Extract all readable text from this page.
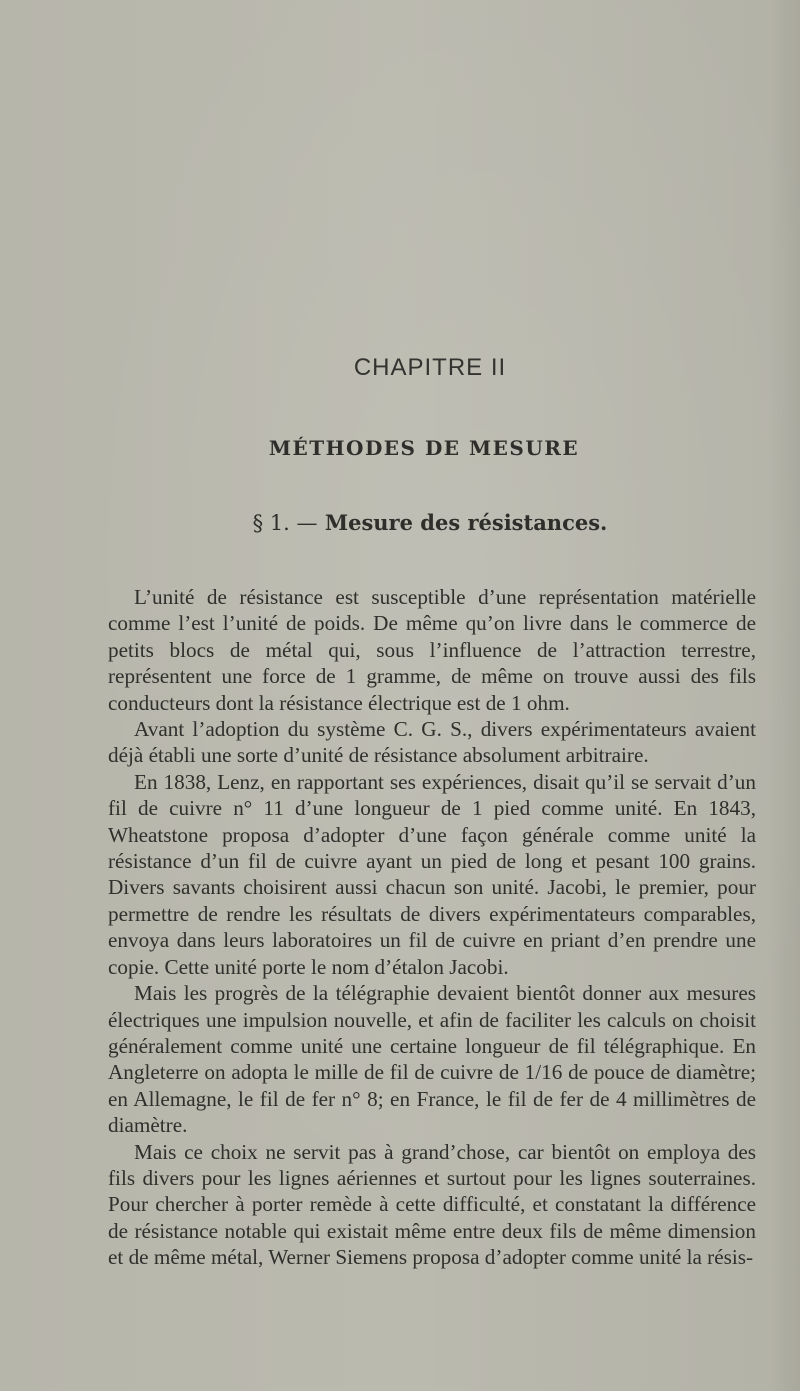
CHAPITRE II
MÉTHODES DE MESURE
§ 1. — Mesure des résistances.

L’unité de résistance est susceptible d’une représentation matérielle comme l’est l’unité de poids. De même qu’on livre dans le commerce de petits blocs de métal qui, sous l’influence de l’attraction terrestre, représentent une force de 1 gramme, de même on trouve aussi des fils conducteurs dont la résistance électrique est de 1 ohm.

Avant l’adoption du système C. G. S., divers expérimentateurs avaient déjà établi une sorte d’unité de résistance absolument arbitraire.

En 1838, Lenz, en rapportant ses expériences, disait qu’il se servait d’un fil de cuivre n° 11 d’une longueur de 1 pied comme unité. En 1843, Wheatstone proposa d’adopter d’une façon générale comme unité la résistance d’un fil de cuivre ayant un pied de long et pesant 100 grains. Divers savants choisirent aussi chacun son unité. Jacobi, le premier, pour permettre de rendre les résultats de divers expérimentateurs comparables, envoya dans leurs laboratoires un fil de cuivre en priant d’en prendre une copie. Cette unité porte le nom d’étalon Jacobi.

Mais les progrès de la télégraphie devaient bientôt donner aux mesures électriques une impulsion nouvelle, et afin de faciliter les calculs on choisit généralement comme unité une certaine longueur de fil télégraphique. En Angleterre on adopta le mille de fil de cuivre de 1/16 de pouce de diamètre; en Allemagne, le fil de fer n° 8; en France, le fil de fer de 4 millimètres de diamètre.

Mais ce choix ne servit pas à grand’chose, car bientôt on employa des fils divers pour les lignes aériennes et surtout pour les lignes souterraines. Pour chercher à porter remède à cette difficulté, et constatant la différence de résistance notable qui existait même entre deux fils de même dimension et de même métal, Werner Siemens proposa d’adopter comme unité la résis-
